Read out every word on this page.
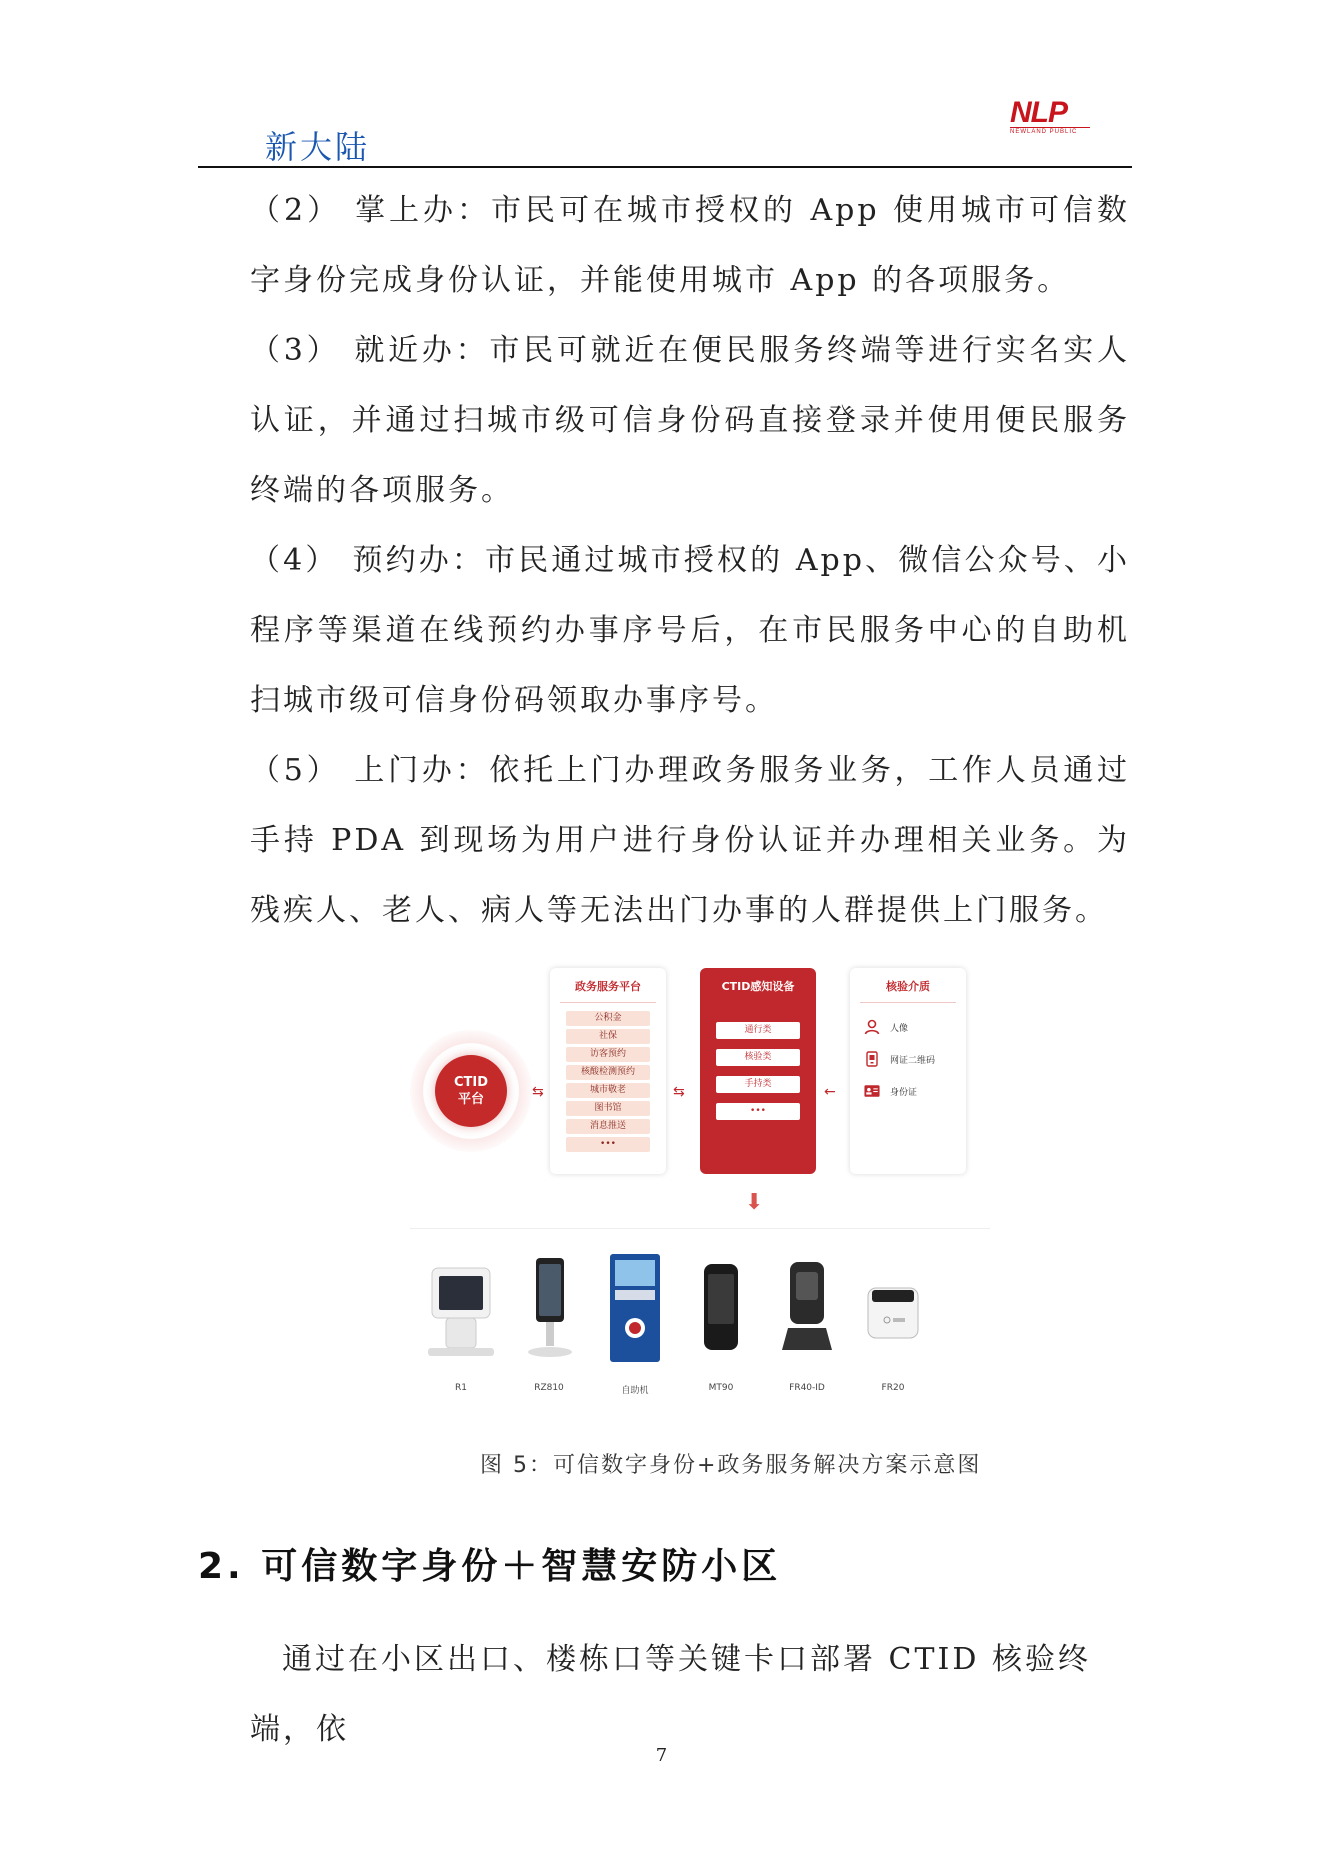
新大陆
NLP
NEWLAND PUBLIC

（2） 掌上办：市民可在城市授权的 App 使用城市可信数字身份完成身份认证，并能使用城市 App 的各项服务。

（3） 就近办：市民可就近在便民服务终端等进行实名实人认证，并通过扫城市级可信身份码直接登录并使用便民服务终端的各项服务。

（4） 预约办：市民通过城市授权的 App、微信公众号、小程序等渠道在线预约办事序号后，在市民服务中心的自助机扫城市级可信身份码领取办事序号。

（5） 上门办：依托上门办理政务服务业务，工作人员通过手持 PDA 到现场为用户进行身份认证并办理相关业务。为残疾人、老人、病人等无法出门办事的人群提供上门服务。

CTID
平台	⇆
政务服务平台
公积金
社保
访客预约
核酸检测预约
城市敬老
图书馆
消息推送
•••
⇆
CTID感知设备
通行类
核验类
手持类
•••
←
核验介质
人像
网证二维码
身份证
⬇
R1	RZ810	自助机	MT90	FR40-ID	FR20
图 5：可信数字身份+政务服务解决方案示意图
2. 可信数字身份＋智慧安防小区
通过在小区出口、楼栋口等关键卡口部署 CTID 核验终端，依
7
